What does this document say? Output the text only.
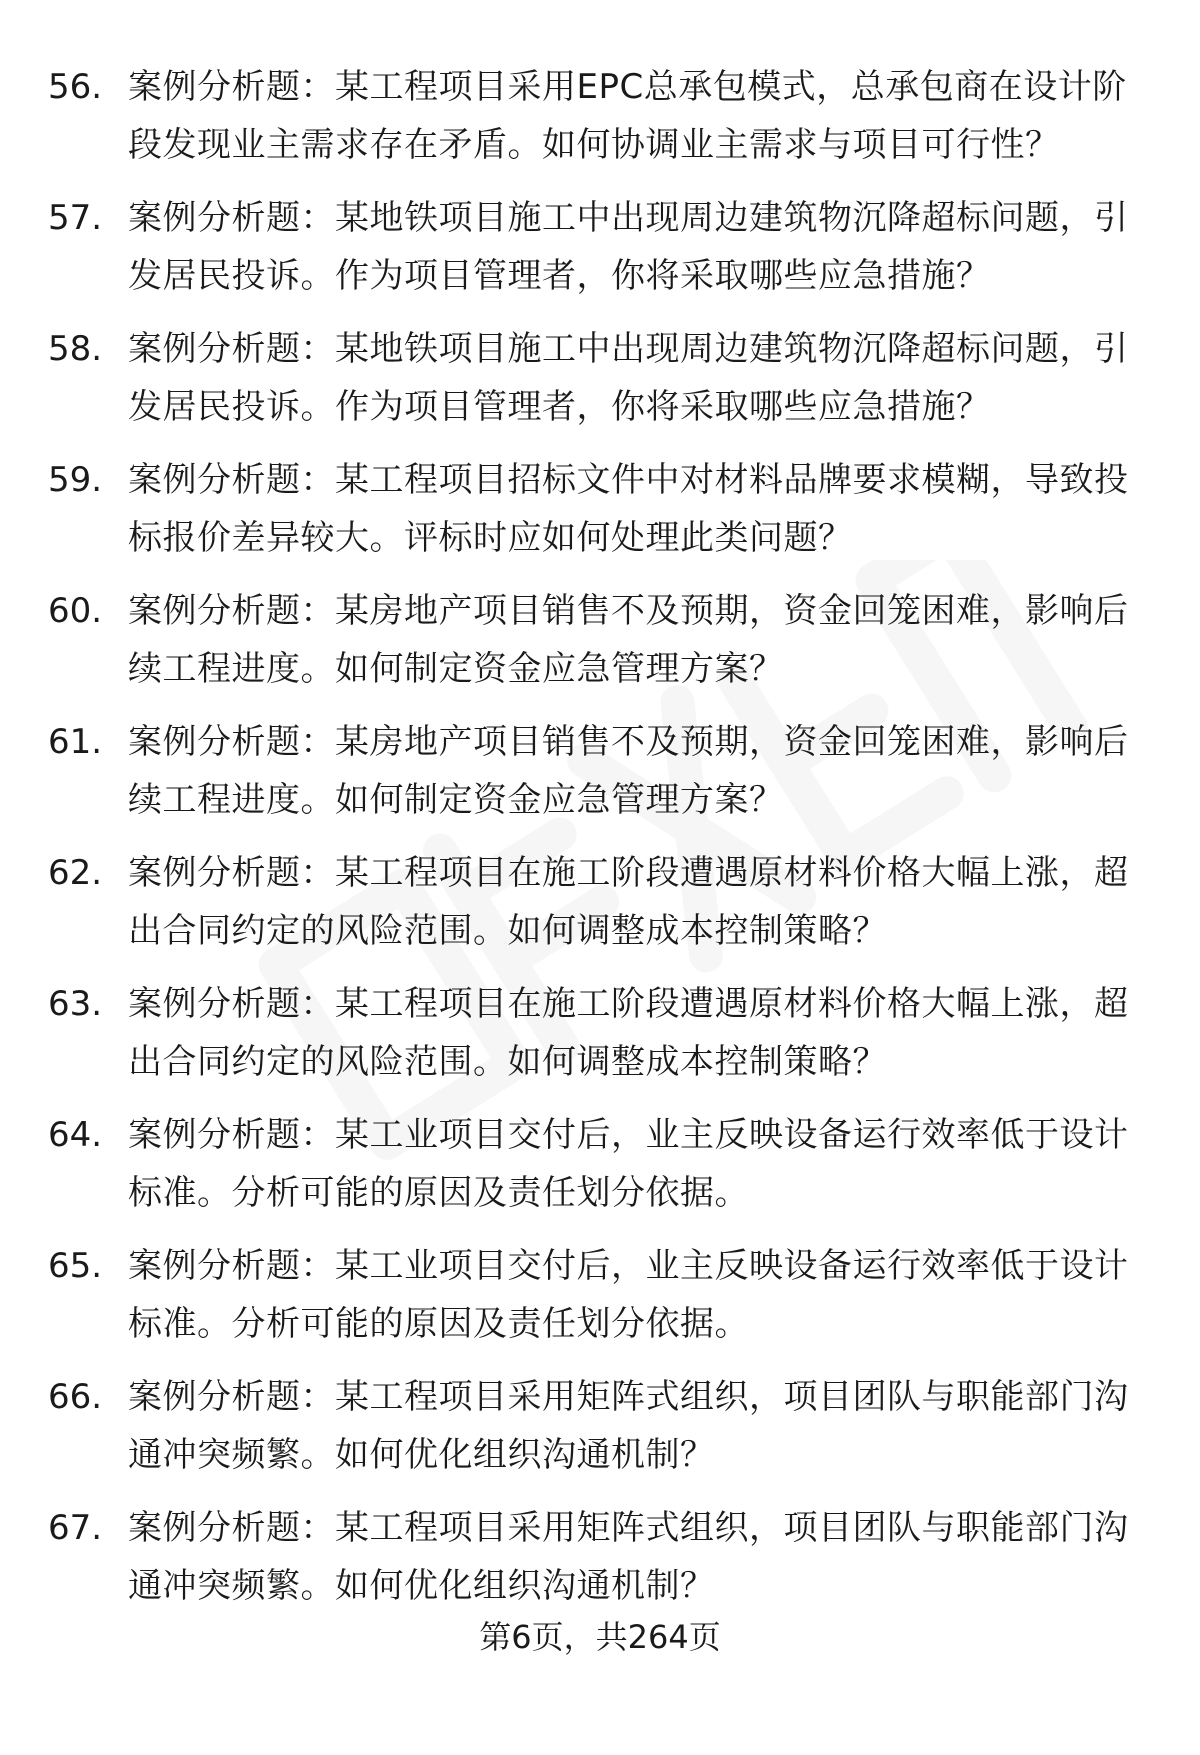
56. 案例分析题：某工程项目采用EPC总承包模式，总承包商在设计阶段发现业主需求存在矛盾。如何协调业主需求与项目可行性？
57. 案例分析题：某地铁项目施工中出现周边建筑物沉降超标问题，引发居民投诉。作为项目管理者，你将采取哪些应急措施？
58. 案例分析题：某地铁项目施工中出现周边建筑物沉降超标问题，引发居民投诉。作为项目管理者，你将采取哪些应急措施？
59. 案例分析题：某工程项目招标文件中对材料品牌要求模糊，导致投标报价差异较大。评标时应如何处理此类问题？
60. 案例分析题：某房地产项目销售不及预期，资金回笼困难，影响后续工程进度。如何制定资金应急管理方案？
61. 案例分析题：某房地产项目销售不及预期，资金回笼困难，影响后续工程进度。如何制定资金应急管理方案？
62. 案例分析题：某工程项目在施工阶段遭遇原材料价格大幅上涨，超出合同约定的风险范围。如何调整成本控制策略？
63. 案例分析题：某工程项目在施工阶段遭遇原材料价格大幅上涨，超出合同约定的风险范围。如何调整成本控制策略？
64. 案例分析题：某工业项目交付后，业主反映设备运行效率低于设计标准。分析可能的原因及责任划分依据。
65. 案例分析题：某工业项目交付后，业主反映设备运行效率低于设计标准。分析可能的原因及责任划分依据。
66. 案例分析题：某工程项目采用矩阵式组织，项目团队与职能部门沟通冲突频繁。如何优化组织沟通机制？
67. 案例分析题：某工程项目采用矩阵式组织，项目团队与职能部门沟通冲突频繁。如何优化组织沟通机制？
第6页，共264页
